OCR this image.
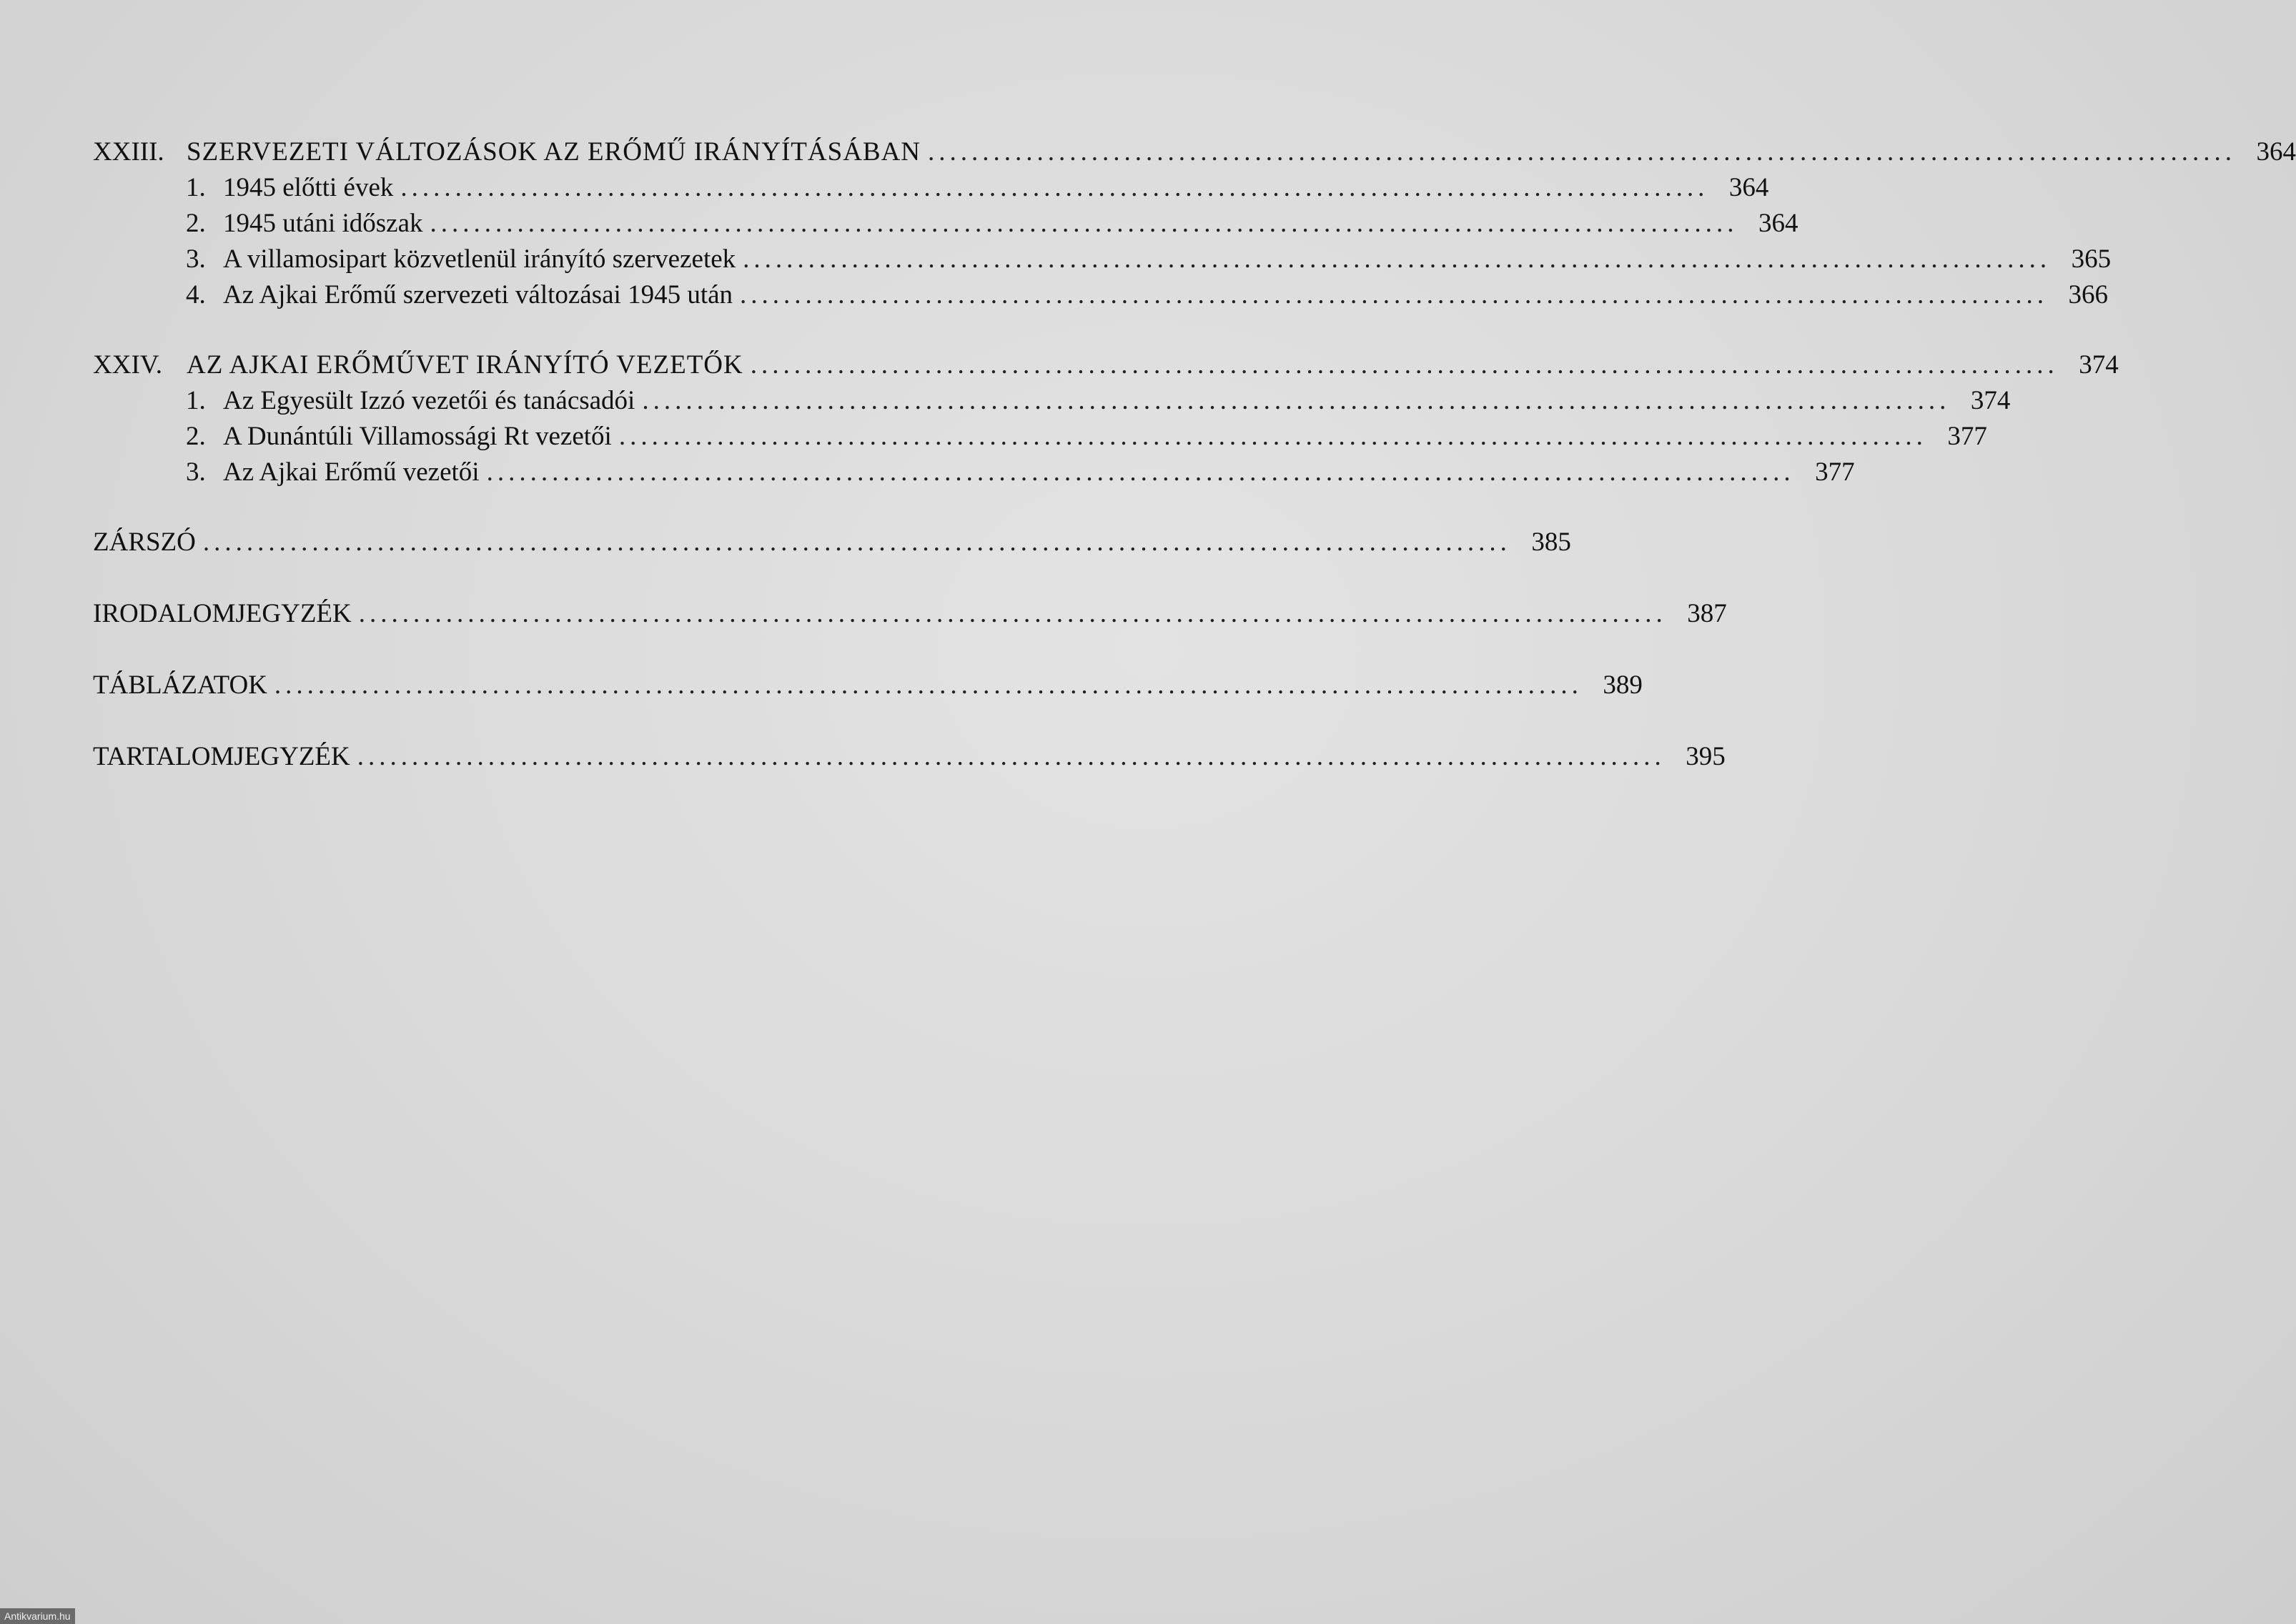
XXIII. SZERVEZETI VÁLTOZÁSOK AZ ERŐMŰ IRÁNYÍTÁSÁBAN ........................................................................................................................ 364
1. 1945 előtti évek ........................................................................................................................ 364
2. 1945 utáni időszak ........................................................................................................................ 364
3. A villamosipart közvetlenül irányító szervezetek ........................................................................................................................ 365
4. Az Ajkai Erőmű szervezeti változásai 1945 után ........................................................................................................................ 366
XXIV. AZ AJKAI ERŐMŰVET IRÁNYÍTÓ VEZETŐK ........................................................................................................................ 374
1. Az Egyesült Izzó vezetői és tanácsadói ........................................................................................................................ 374
2. A Dunántúli Villamossági Rt vezetői ........................................................................................................................ 377
3. Az Ajkai Erőmű vezetői ........................................................................................................................ 377
ZÁRSZÓ ........................................................................................................................ 385
IRODALOMJEGYZÉK ........................................................................................................................ 387
TÁBLÁZATOK ........................................................................................................................ 389
TARTALOMJEGYZÉK ........................................................................................................................ 395
Antikvarium.hu
